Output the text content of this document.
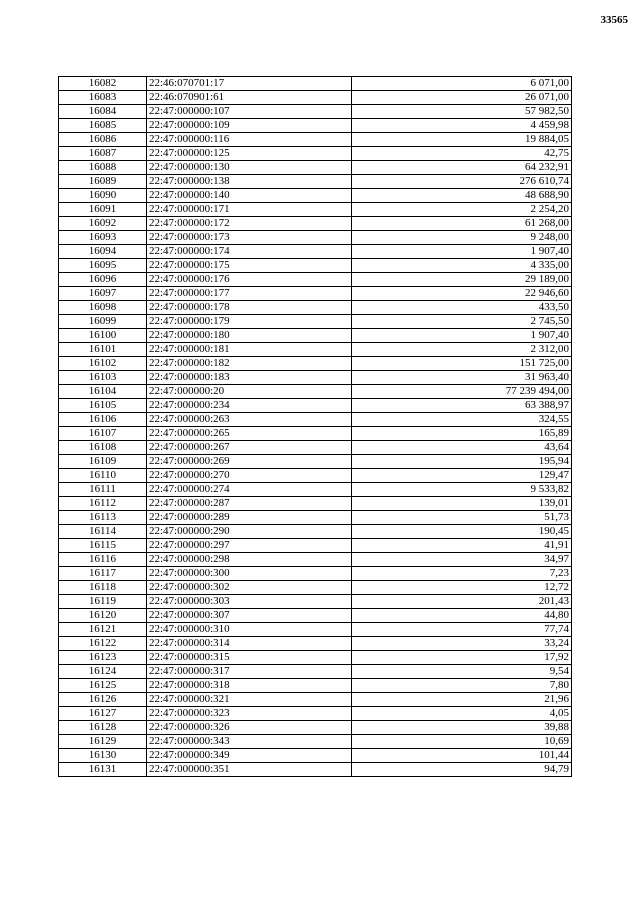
33565
16082	22:46:070701:17	6 071,00
16083	22:46:070901:61	26 071,00
16084	22:47:000000:107	57 982,50
16085	22:47:000000:109	4 459,98
16086	22:47:000000:116	19 884,05
16087	22:47:000000:125	42,75
16088	22:47:000000:130	64 232,91
16089	22:47:000000:138	276 610,74
16090	22:47:000000:140	48 688,90
16091	22:47:000000:171	2 254,20
16092	22:47:000000:172	61 268,00
16093	22:47:000000:173	9 248,00
16094	22:47:000000:174	1 907,40
16095	22:47:000000:175	4 335,00
16096	22:47:000000:176	29 189,00
16097	22:47:000000:177	22 946,60
16098	22:47:000000:178	433,50
16099	22:47:000000:179	2 745,50
16100	22:47:000000:180	1 907,40
16101	22:47:000000:181	2 312,00
16102	22:47:000000:182	151 725,00
16103	22:47:000000:183	31 963,40
16104	22:47:000000:20	77 239 494,00
16105	22:47:000000:234	63 388,97
16106	22:47:000000:263	324,55
16107	22:47:000000:265	165,89
16108	22:47:000000:267	43,64
16109	22:47:000000:269	195,94
16110	22:47:000000:270	129,47
16111	22:47:000000:274	9 533,82
16112	22:47:000000:287	139,01
16113	22:47:000000:289	51,73
16114	22:47:000000:290	190,45
16115	22:47:000000:297	41,91
16116	22:47:000000:298	34,97
16117	22:47:000000:300	7,23
16118	22:47:000000:302	12,72
16119	22:47:000000:303	201,43
16120	22:47:000000:307	44,80
16121	22:47:000000:310	77,74
16122	22:47:000000:314	33,24
16123	22:47:000000:315	17,92
16124	22:47:000000:317	9,54
16125	22:47:000000:318	7,80
16126	22:47:000000:321	21,96
16127	22:47:000000:323	4,05
16128	22:47:000000:326	39,88
16129	22:47:000000:343	10,69
16130	22:47:000000:349	101,44
16131	22:47:000000:351	94,79
